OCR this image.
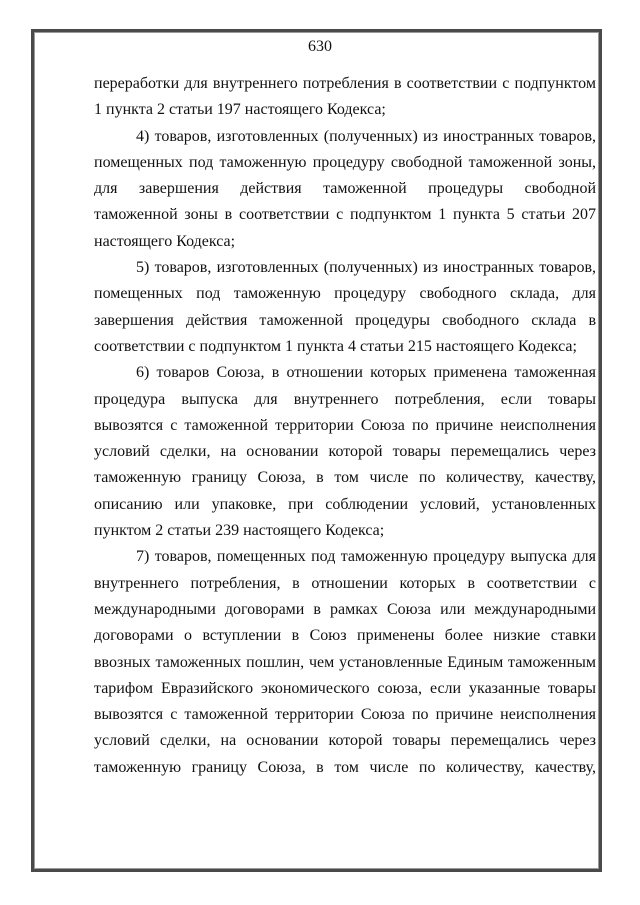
630

переработки для внутреннего потребления в соответствии с подпунктом 1 пункта 2 статьи 197 настоящего Кодекса;

4) товаров, изготовленных (полученных) из иностранных товаров, помещенных под таможенную процедуру свободной таможенной зоны, для завершения действия таможенной процедуры свободной таможенной зоны в соответствии с подпунктом 1 пункта 5 статьи 207 настоящего Кодекса;

5) товаров, изготовленных (полученных) из иностранных товаров, помещенных под таможенную процедуру свободного склада, для завершения действия таможенной процедуры свободного склада в соответствии с подпунктом 1 пункта 4 статьи 215 настоящего Кодекса;

6) товаров Союза, в отношении которых применена таможенная процедура выпуска для внутреннего потребления, если товары вывозятся с таможенной территории Союза по причине неисполнения условий сделки, на основании которой товары перемещались через таможенную границу Союза, в том числе по количеству, качеству, описанию или упаковке, при соблюдении условий, установленных пунктом 2 статьи 239 настоящего Кодекса;

7) товаров, помещенных под таможенную процедуру выпуска для внутреннего потребления, в отношении которых в соответствии с международными договорами в рамках Союза или международными договорами о вступлении в Союз применены более низкие ставки ввозных таможенных пошлин, чем установленные Единым таможенным тарифом Евразийского экономического союза, если указанные товары вывозятся с таможенной территории Союза по причине неисполнения условий сделки, на основании которой товары перемещались через таможенную границу Союза, в том числе по количеству, качеству,
